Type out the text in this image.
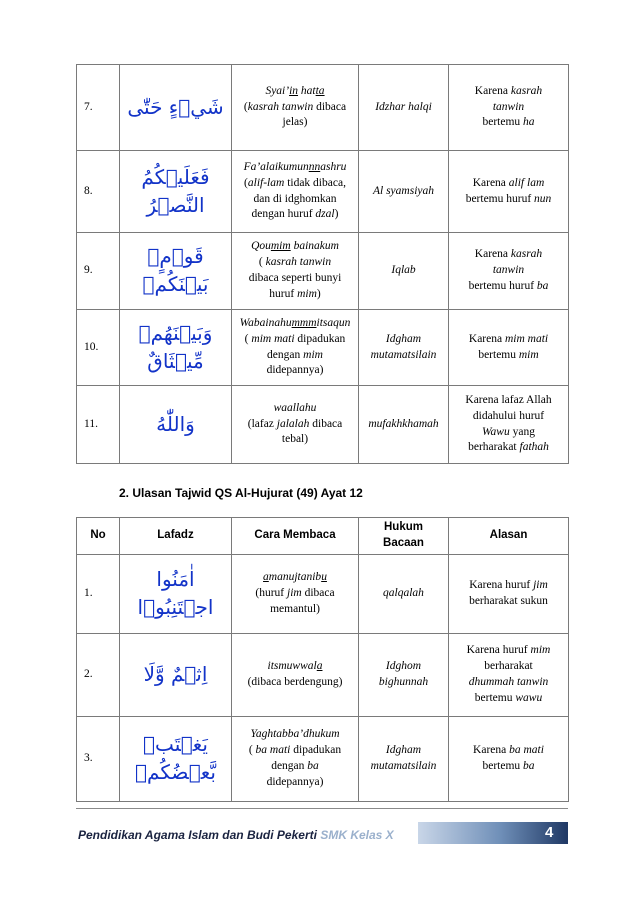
7.	شَيۡءٍ حَتّٰى	Syai’in hatta
(kasrah tanwin dibaca
jelas)	Idzhar halqi	Karena kasrah
tanwin
bertemu ha
8.	فَعَلَيۡكُمُ النَّصۡرُ	Fa’alaikumunnnashru
(alif-lam tidak dibaca,
dan di idghomkan
dengan huruf dzal)	Al syamsiyah	Karena alif lam
bertemu huruf nun
9.	قَوۡمٍۢ بَيۡنَكُمۡ	Qoumim bainakum
( kasrah tanwin
dibaca seperti bunyi
huruf mim)	Iqlab	Karena kasrah
tanwin
bertemu huruf ba
10.	وَبَيۡنَهُمۡ مِّيۡثَاقٌ	Wabainahummmitsaqun
( mim mati dipadukan
dengan mim
didepannya)	Idgham
mutamatsilain	Karena mim mati
bertemu mim
11.	وَاللّٰهُ	waallahu
(lafaz jalalah dibaca
tebal)	mufakhkhamah	Karena lafaz Allah
didahului huruf
Wawu yang
berharakat fathah

2. Ulasan Tajwid QS Al-Hujurat (49) Ayat 12

No	Lafadz	Cara Membaca	Hukum Bacaan	Alasan
1.	اٰمَنُوا اجۡتَنِبُوۡا	amanujtanibu
(huruf jim dibaca
memantul)	qalqalah	Karena huruf jim
berharakat sukun
2.	اِثۡمٌ وَّلَا	itsmuwwala
(dibaca berdengung)	Idghom
bighunnah	Karena huruf mim
berharakat
dhummah tanwin
bertemu wawu
3.	يَغۡتَبۡ بَّعۡضُكُمۡ	Yaghtabba’dhukum
( ba mati dipadukan
dengan ba
didepannya)	Idgham
mutamatsilain	Karena ba mati
bertemu ba
Pendidikan Agama Islam dan Budi Pekerti SMK Kelas X	4
